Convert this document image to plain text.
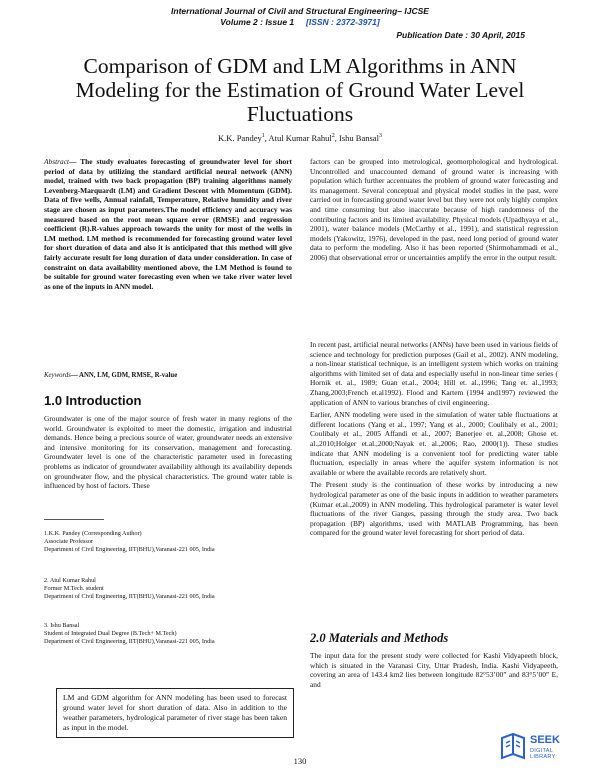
International Journal of Civil and Structural Engineering– IJCSE
Volume 2 : Issue 1 [ISSN : 2372-3971]
Publication Date : 30 April, 2015
Comparison of GDM and LM Algorithms in ANN Modeling for the Estimation of Ground Water Level Fluctuations
K.K. Pandey$^1$, Atul Kumar Rahul$^2$, Ishu Bansal$^3$
Abstract— The study evaluates forecasting of groundwater level for short period of data by utilizing the standard artificial neural network (ANN) model, trained with two back propagation (BP) training algorithms namely Levenberg-Marquardt (LM) and Gradient Descent with Momentum (GDM). Data of five wells, Annual rainfall, Temperature, Relative humidity and river stage are chosen as input parameters.The model efficiency and accuracy was measured based on the root mean square error (RMSE) and regression coefficient (R).R-values approach towards the unity for most of the wells in LM method. LM method is recommended for forecasting ground water level for short duration of data and also it is anticipated that this method will give fairly accurate result for long duration of data under consideration. In case of constraint on data availability mentioned above, the LM Method is found to be suitable for ground water forecasting even when we take river water level as one of the inputs in ANN model.
Keywords— ANN, LM, GDM, RMSE, R-value
1.0 Introduction
Groundwater is one of the major source of fresh water in many regions of the world. Groundwater is exploited to meet the domestic, irrigation and industrial demands. Hence being a precious source of water, groundwater needs an extensive and intensive monitoring for its conservation, management and forecasting. Groundwater level is one of the characteristic parameter used in forecasting problems as indicator of groundwater availability although its availability depends on groundwater flow, and the physical characteristics. The ground water table is influenced by host of factors. These

1.K.K. Pandey (Corresponding Author)

Associate Professor

Department of Civil Engineering, IIT(BHU),Varanasi-221 005, India

2. Atul Kumar Rahul

Former M.Tech. student

Department of Civil Engineering, IIT(BHU),Varanasi-221 005, India

3. Ishu Bansal

Student of Integrated Dual Degree (B.Tech+ M.Tech)

Department of Civil Engineering, IIT(BHU),Varanasi-221 005, India

LM and GDM algorithm for ANN modeling has been used to forecast ground water level for short duration of data. Also in addition to the weather parameters, hydrological parameter of river stage has been taken as input in the model.

factors can be grouped into metrological, geomorphological and hydrological. Uncontrolled and unaccounted demand of ground water is increasing with population which further accentuates the problem of ground water forecasting and its management. Several conceptual and physical model studies in the past, were carried out in forecasting ground water level but they were not only highly complex and time consuming but also inaccurate because of high randomness of the contributing factors and its limited availability. Physical models (Upadhyaya et al., 2001), water balance models (McCarthy et al., 1991), and statistical regression models (Yakowitz, 1976), developed in the past, need long period of ground water data to perform the modeling. Also it has been reported (Shirmohammadi et al., 2006) that observational error or uncertainties amplify the error in the output result.

In recent past, artificial neural networks (ANNs) have been used in various fields of science and technology for prediction purposes (Gail et al., 2002). ANN modeling, a non-linear statistical technique, is an intelligent system which works on training algorithms with limited set of data and especially useful in non-linear time series ( Hornik et. al., 1989; Guan et.al., 2004; Hill et. al.,1996; Tang et. al.,1993; Zhang,2003;French et.al1992). Flood and Kartem (1994 and1997) reviewed the application of ANN to various branches of civil engineering.

Earlier, ANN modeling were used in the simulation of water table fluctuations at different locations (Yang et al., 1997; Yang et al., 2000; Coulibaly et al., 2001; Coulibaly et al., 2005 Affandi et al., 2007; Banerjee et. al.,2008; Ghose et. al.,2010;Holger et.al.,2000;Nayak et. al.,2006; Rao, 2000(1)). These studies indicate that ANN modeling is a convenient tool for predicting water table fluctuation, especially in areas where the aquifer system information is not available or where the available records are relatively short.

The Present study is the continuation of these works by introducing a new hydrological parameter as one of the basic inputs in addition to weather parameters (Kumar et.al.,2009) in ANN modeling. This hydrological parameter is water level fluctuations of the river Ganges, passing through the study area. Two back propagation (BP) algorithms, used with MATLAB Programming, has been compared for the ground water level forecasting for short period of data.

2.0 Materials and Methods
The input data for the present study were collected for Kashi Vidyapeeth block, which is situated in the Varanasi City, Uttar Pradesh, India. Kashi Vidyapeeth, covering an area of 143.4 km2 lies between longitude 82°53’00” and 83°5’00” E, and
130
SEEK
DIGITAL LIBRARY
